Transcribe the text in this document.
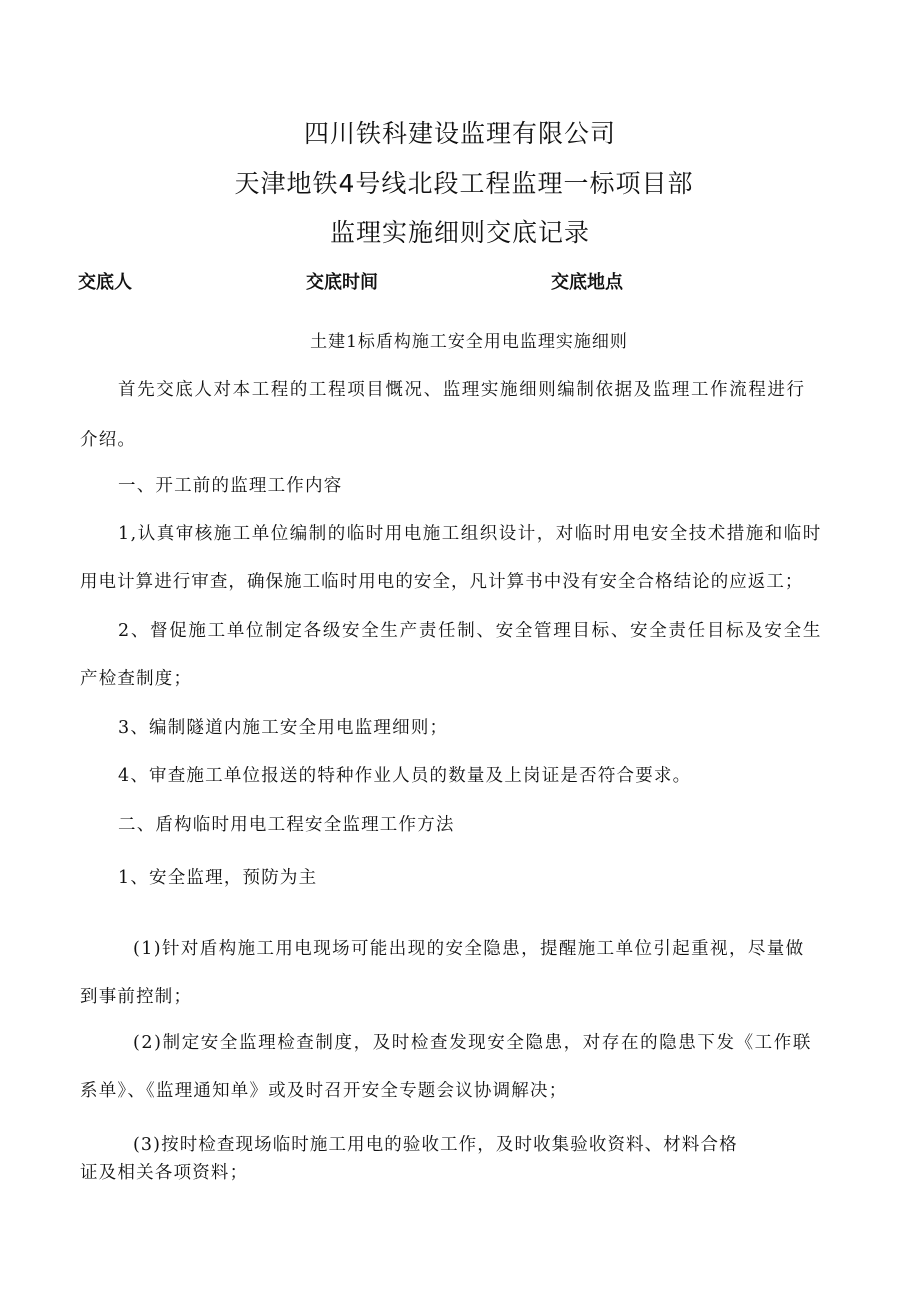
四川铁科建设监理有限公司
天津地铁4号线北段工程监理一标项目部
监理实施细则交底记录
交底人	交底时间	交底地点
土建1标盾构施工安全用电监理实施细则
首先交底人对本工程的工程项目慨况、监理实施细则编制依据及监理工作流程进行
介绍。
一、开工前的监理工作内容
1,认真审核施工单位编制的临时用电施工组织设计，对临时用电安全技术措施和临时
用电计算进行审查，确保施工临时用电的安全，凡计算书中没有安全合格结论的应返工；
2、督促施工单位制定各级安全生产责任制、安全管理目标、安全责任目标及安全生
产检查制度；
3、编制隧道内施工安全用电监理细则；
4、审查施工单位报送的特种作业人员的数量及上岗证是否符合要求。
二、盾构临时用电工程安全监理工作方法
1、安全监理，预防为主
(1)针对盾构施工用电现场可能出现的安全隐患，提醒施工单位引起重视，尽量做
到事前控制；
(2)制定安全监理检查制度，及时检查发现安全隐患，对存在的隐患下发《工作联
系单》、《监理通知单》或及时召开安全专题会议协调解决；
(3)按时检查现场临时施工用电的验收工作，及时收集验收资料、材料合格
证及相关各项资料；
